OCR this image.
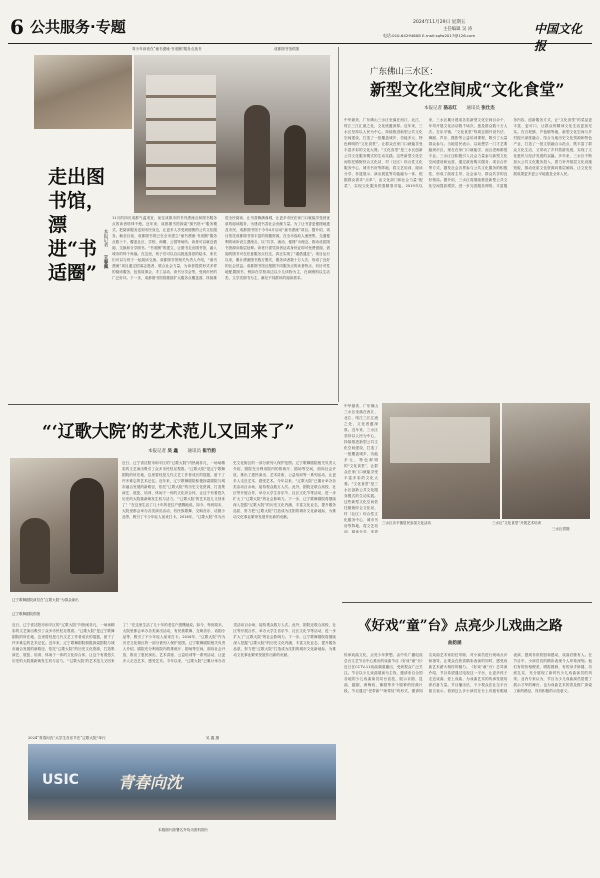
6 公共服务·专题	2024年11月29日 星期五
主任编辑 吴 涛
电话:010-64294608 E-mail:sqfw2017@126.com	中国文化报
青少年读者在“童书漂流·书适圈”服务点选书	成都图书馆供图
走出图书馆，漂进“书适圈”
本报记者
王春佩
11月的四川成都气温适宜，前往成都市的书刊漂流点和图书服务点的读者络绎不绝。近年来，成都图书馆探索“图书馆+”服务模式，把阅读服务送到市民身边，让更多人享受到便捷的公共文化服务。截至目前，成都图书馆已在全市建立“童书漂流·书适圈”服务点数十个，覆盖社区、学校、商圈、公园等场所，读者可以就近借阅、交换和分享图书。“书适圈”的建立，让图书走出图书馆，融入城市的每个角落。在这里，孩子们可以自由挑选喜爱的绘本，家长们可以与孩子一起阅读交流。成都图书馆相关负责人介绍，“童书漂流”项目通过招募志愿者、联合社会力量，为读者提供形式多样的阅读服务，包括故事会、手工活动、读书分享会等，受到市民的广泛好评。下一步，成都图书馆将继续扩大服务点覆盖面，持续推进全民阅读，让书香飘满蓉城，让更多市民在家门口就能享受到优质的阅读服务，为建设书香社会贡献力量。为了让书香更便捷地惠及市民，成都图书馆于今年4月启动“童书漂流”项目。据介绍，项目依托成都图书馆丰富的馆藏资源，在全市选取人流密集、交通便利的场所设立漂流点，以“共享、流动、便捷”为理念，推动优质图书资源向基层延伸。读者只需凭读者证或身份证即可免费借阅，借阅的图书可在任意服务点归还，真正实现了“通借通还”。项目运行以来，累计漂流图书数万册次，服务读者数十万人次，形成了良好的社会效益。成都图书馆还根据不同服务点的读者特点，有针对性地配置图书，例如在学校周边以少儿读物为主，在商圈则以生活类、文学类图书为主，满足不同群体的阅读需求。
广东佛山三水区：
新型文化空间成“文化食堂”
本报记者 骆志红 通讯员 张仕杰
中华最美、广东佛山三水区坐落在西江、北江、绥江三江汇流之处，文化底蕴深厚。近年来，三水区坚持以人民为中心，持续推进新型公共文化空间建设，打造了一批覆盖城乡、功能多元、特色鲜明的“文化食堂”，让群众在家门口就能享受丰富多彩的文化大餐。“文化食堂”是三水区创新公共文化服务模式的生动实践。这些新型文化空间依托镇街综合文化站、村（社区）综合性文化服务中心、城市书房等阵地，将文艺培训、阅读分享、非遗展示、演出展览等功能融为一体，根据群众需求“点单”，由文化部门和社会力量“配菜”，实现文化服务供需精准对接。2019年以来，三水区累计建成各类新型文化空间百余个，年均开展文化活动数千场次，惠及群众数十万人次。在乐平镇，“文化食堂”每周定期开设书法、舞蹈、声乐、摄影等公益培训课程，吸引了大量群众参与。当地居民表示，以前想学一门才艺要跑到市区，现在在家门口就能学，而且老师都很专业。三水区还积极引入社会力量参与新型文化空间建设和运营，通过政府购买服务、项目合作等方式，激发社会各界参与公共文化服务的积极性，形成了政府主导、社会参与、群众共享的良好格局。据介绍，三水区将继续推进新型公共文化空间提质增效，进一步完善服务网络，丰富服务内容，创新服务方式，让“文化食堂”的菜品更丰富、更可口，让群众的精神文化生活更加充实。在白坭镇、芦苞镇等地，新型文化空间与乡村振兴深度融合，结合当地历史文化资源和特色产业，打造了一批文旅融合示范点，既丰富了群众文化生活，又带动了乡村旅游发展，实现了文化惠民与经济发展的双赢。多年来，三水区不断加大公共文化服务投入，着力补齐基层文化设施短板，推动优质文化资源向基层倾斜，让文化发展成果更多更公平地惠及全体人民。
三水区乐平镇居民参加文化活动	三水区“文化食堂”开展艺术培训
三水区供图
中华最美、广东佛山三水区坐落在西江、北江、绥江三江汇流之处，文化底蕴深厚。近年来，三水区坚持以人民为中心，持续推进新型公共文化空间建设，打造了一批覆盖城乡、功能多元、特色鲜明的“文化食堂”，让群众在家门口就能享受丰富多彩的文化大餐。“文化食堂”是三水区创新公共文化服务模式的生动实践。这些新型文化空间依托镇街综合文化站、村（社区）综合性文化服务中心、城市书房等阵地，将文艺培训、阅读分享、非遗
“‘辽歌大院’的艺术范儿又回来了”
本报记者 吴 鑫 通讯员 崔竹韵
辽宁歌舞剧院演员在“辽歌大院”为群众演出
辽宁歌舞剧院供图
近日，辽宁省沈阳市和平区的“辽歌大院”内热闹非凡，一场场精彩的文艺演出吸引了众多市民驻足观看。“辽歌大院”是辽宁歌舞剧院的所在地，这里曾经是几代文艺工作者成长的摇篮，留下了许多难忘的艺术记忆。近年来，辽宁歌舞剧院积极探索剧院与城市融合发展的新路径，依托“辽歌大院”的历史文化资源，打造集演艺、展览、培训、休闲于一体的文化综合体，让这个有着悠久历史的大院重新焕发生机与活力。“‘辽歌大院’的艺术范儿又回来了！”在这里生活了几十年的老住户感慨地说。如今，每到周末，大院里都会举办各类演出活动，有民族歌舞、交响音乐、话剧小品等，吸引了不少年轻人前来打卡。2016年，“辽歌大院”作为历史文化街区的一部分被列入保护范围。辽宁歌舞剧院相关负责人介绍，剧院充分利用院内的排练厅、剧场等空间，面向社会开放，推出了惠民演出、艺术讲座、公益培训等一系列活动，让更多人走近艺术、感受艺术。今年以来，“辽歌大院”已累计举办各类活动百余场，接待观众数万人次。此外，剧院还联合高校、社区等开展合作，举办大学生音乐节、社区文化节等活动，进一步扩大了“辽歌大院”的社会影响力。下一步，辽宁歌舞剧院将继续深入挖掘“辽歌大院”的历史文化内涵，丰富文化业态，提升服务品质，努力把“辽歌大院”打造成为沈阳的城市文化新地标，为推动文化事业繁荣发展作出新的贡献。
近日，辽宁省沈阳市和平区的“辽歌大院”内热闹非凡，一场场精彩的文艺演出吸引了众多市民驻足观看。“辽歌大院”是辽宁歌舞剧院的所在地，这里曾经是几代文艺工作者成长的摇篮，留下了许多难忘的艺术记忆。近年来，辽宁歌舞剧院积极探索剧院与城市融合发展的新路径，依托“辽歌大院”的历史文化资源，打造集演艺、展览、培训、休闲于一体的文化综合体，让这个有着悠久历史的大院重新焕发生机与活力。“‘辽歌大院’的艺术范儿又回来了！”在这里生活了几十年的老住户感慨地说。如今，每到周末，大院里都会举办各类演出活动，有民族歌舞、交响音乐、话剧小品等，吸引了不少年轻人前来打卡。2016年，“辽歌大院”作为历史文化街区的一部分被列入保护范围。辽宁歌舞剧院相关负责人介绍，剧院充分利用院内的排练厅、剧场等空间，面向社会开放，推出了惠民演出、艺术讲座、公益培训等一系列活动，让更多人走近艺术、感受艺术。今年以来，“辽歌大院”已累计举办各类活动百余场，接待观众数万人次。此外，剧院还联合高校、社区等开展合作，举办大学生音乐节、社区文化节等活动，进一步扩大了“辽歌大院”的社会影响力。下一步，辽宁歌舞剧院将继续深入挖掘“辽歌大院”的历史文化内涵，丰富文化业态，提升服务品质，努力把“辽歌大院”打造成为沈阳的城市文化新地标，为推动文化事业繁荣发展作出新的贡献。
2024“青春向沈”大学生音乐节在“辽歌大院”举行	吴 鑫 摄
USIC 青春向沈
本版图片除署名外均为资料图片
《好戏“童”台》点亮少儿戏曲之路
曲韵涵
传承戏曲文化，点亮少年梦想。由中央广播电视总台文艺节目中心推出的戏曲节目《好戏“童”台》近日在CCTV-11戏曲频道播出，受到观众广泛关注。节目以少儿戏曲展演为主线，邀请来自全国各地的少儿戏曲演员同台竞技，展示京剧、昆曲、越剧、黄梅戏、豫剧等多个剧种的经典片段。节目通过“老带新”“师带徒”的形式，邀请知名戏曲艺术家担任导师，对小演员进行现场点评和指导，让观众在欣赏精彩表演的同时，感受戏曲艺术薪火相传的魅力。《好戏“童”台》总导演介绍，节目希望通过电视这一平台，让更多孩子走近戏曲、爱上戏曲，为戏曲艺术的传承发展培养后备力量。节目播出后，不少观众在社交平台留言表示，看到这么多小演员在台上有板有眼地表演，感到非常欣慰和感动，戏曲后继有人。在节目中，小演员们的精彩表现令人印象深刻。他们有的扮相俊美、唱腔圆润，有的身手矫健、功底扎实，充分展现了新时代少儿戏曲演员的风采。业内专家认为，节目为少儿戏曲演员搭建了展示才华的舞台，也为戏曲艺术的普及推广探索了新的路径，具有积极的示范意义。
